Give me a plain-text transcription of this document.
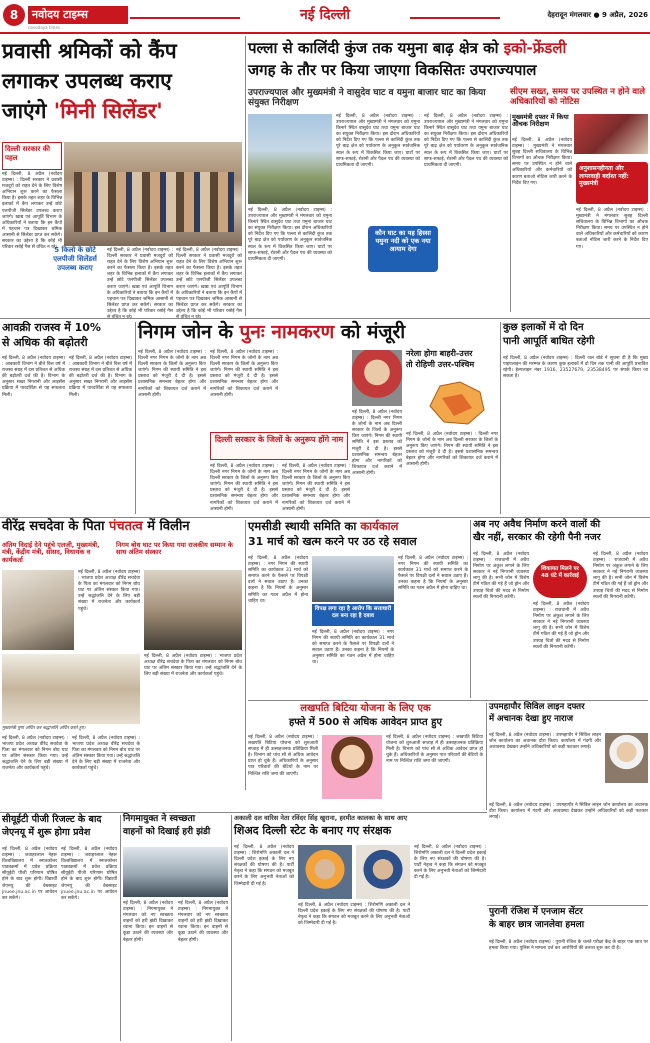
8	नवोदय टाइम्स
navodaya times
नई दिल्ली	देहरादून मंगलवार ● 9 अप्रैल, 2026
प्रवासी श्रमिकों को कैंप
लगाकर उपलब्ध कराए
जाएंगे 'मिनी सिलेंडर'
दिल्ली सरकार की पहल
5 किलो के छोटे एलपीजी सिलेंडर्स उपलब्ध कराए
नई दिल्ली, 8 अप्रैल (नवोदय टाइम्स) : दिल्ली सरकार ने प्रवासी मजदूरों को राहत देने के लिए विशेष अभियान शुरू करने का फैसला किया है। इसके तहत शहर के विभिन्न इलाकों में कैंप लगाकर उन्हें छोटे एलपीजी सिलेंडर उपलब्ध कराए जाएंगे। खाद्य एवं आपूर्ति विभाग के अधिकारियों ने बताया कि इन कैंपों में पहचान पत्र दिखाकर श्रमिक आसानी से सिलेंडर प्राप्त कर सकेंगे। सरकार का उद्देश्य है कि कोई भी परिवार रसोई गैस से वंचित न रहे।
नई दिल्ली, 8 अप्रैल (नवोदय टाइम्स) : दिल्ली सरकार ने प्रवासी मजदूरों को राहत देने के लिए विशेष अभियान शुरू करने का फैसला किया है। इसके तहत शहर के विभिन्न इलाकों में कैंप लगाकर उन्हें छोटे एलपीजी सिलेंडर उपलब्ध कराए जाएंगे। खाद्य एवं आपूर्ति विभाग के अधिकारियों ने बताया कि इन कैंपों में पहचान पत्र दिखाकर श्रमिक आसानी से सिलेंडर प्राप्त कर सकेंगे। सरकार का उद्देश्य है कि कोई भी परिवार रसोई गैस
नई दिल्ली, 8 अप्रैल (नवोदय टाइम्स) : दिल्ली सरकार ने प्रवासी मजदूरों को राहत देने के लिए विशेष अभियान शुरू करने का फैसला किया है। इसके तहत शहर के विभिन्न इलाकों में कैंप लगाकर उन्हें छोटे एलपीजी सिलेंडर उपलब्ध कराए जाएंगे। खाद्य एवं आपूर्ति विभाग के अधिकारियों ने बताया कि इन कैंपों में पहचान पत्र दिखाकर श्रमिक आसानी से सिलेंडर प्राप्त कर सकेंगे। सरकार का उद्देश्य है कि कोई भी परिवार रसोई गैस
पल्ला से कालिंदी कुंज तक यमुना बाढ़ क्षेत्र को इको-फ्रेंडली
जगह के तौर पर किया जाएगा विकसितः उपराज्यपाल
उपराज्यपाल और मुख्यमंत्री ने वासुदेव घाट व यमुना बाजार घाट का किया संयुक्त निरीक्षण
सीएम सख्त, समय पर उपस्थित न होने वाले अधिकारियों को नोटिस
नई दिल्ली, 8 अप्रैल (नवोदय टाइम्स) : उपराज्यपाल और मुख्यमंत्री ने मंगलवार को यमुना किनारे स्थित वासुदेव घाट तथा यमुना बाजार घाट का संयुक्त निरीक्षण किया। इस दौरान अधिकारियों को निर्देश दिए गए कि पल्ला से कालिंदी कुंज तक पूरे बाढ़ क्षेत्र को पर्यावरण के अनुकूल सार्वजनिक स्थल के रूप में विकसित किया जाए। घाटों पर साफ-सफाई, रोशनी और पैदल पथ की व्यवस्था को प्राथमिकता दी जाएगी।
नई दिल्ली, 8 अप्रैल (नवोदय टाइम्स) : उपराज्यपाल और मुख्यमंत्री ने मंगलवार को यमुना किनारे स्थित वासुदेव घाट तथा यमुना बाजार घाट का संयुक्त निरीक्षण किया। इस दौरान अधिकारियों को निर्देश दिए गए कि पल्ला से कालिंदी कुंज तक पूरे बाढ़ क्षेत्र को पर्यावरण के अनुकूल सार्वजनिक स्थल के रूप में विकसित किया जाए। घाटों पर साफ-सफाई, रोशनी और पैदल पथ की व्यवस्था को प्राथमिकता दी जाएगी।
कौन घाट का यह हिस्सा यमुना नदी को एक नया आयाम देगा
नई दिल्ली, 8 अप्रैल (नवोदय टाइम्स) : उपराज्यपाल और मुख्यमंत्री ने मंगलवार को यमुना किनारे स्थित वासुदेव घाट तथा यमुना बाजार घाट का संयुक्त निरीक्षण किया। इस दौरान अधिकारियों को निर्देश दिए गए कि पल्ला से कालिंदी कुंज तक पूरे बाढ़ क्षेत्र को पर्यावरण के अनुकूल सार्वजनिक स्थल के रूप में विकसित किया जाए। घाटों पर साफ-सफाई, रोशनी और पैदल पथ की व्यवस्था को प्राथमिकता दी जाएगी।
मुख्यमंत्री दफ्तर में किया औचक निरीक्षण
नई दिल्ली, 8 अप्रैल (नवोदय टाइम्स) : मुख्यमंत्री ने मंगलवार सुबह दिल्ली सचिवालय के विभिन्न विभागों का औचक निरीक्षण किया। समय पर उपस्थित न होने वाले अधिकारियों और कर्मचारियों को कारण बताओ नोटिस जारी करने के निर्देश दिए गए।
अनुशासनहीनता और लापरवाही बर्दाश्त नहीं: मुख्यमंत्री
नई दिल्ली, 8 अप्रैल (नवोदय टाइम्स) : मुख्यमंत्री ने मंगलवार सुबह दिल्ली सचिवालय के विभिन्न विभागों का औचक निरीक्षण किया। समय पर उपस्थित न होने वाले अधिकारियों और कर्मचारियों को कारण बताओ नोटिस जारी करने के निर्देश दिए गए।
आवक्री राजस्व में 10%
से अधिक की बढ़ोतरी
नई दिल्ली, 8 अप्रैल (नवोदय टाइम्स) : आबकारी विभाग ने बीते वित्त वर्ष में राजस्व संग्रह में दस प्रतिशत से अधिक की बढ़ोतरी दर्ज की है। विभाग के अनुसार सख्त निगरानी और लाइसेंस प्रक्रिया में पारदर्शिता से यह सफलता मिली।
नई दिल्ली, 8 अप्रैल (नवोदय टाइम्स) : आबकारी विभाग ने बीते वित्त वर्ष में राजस्व संग्रह में दस प्रतिशत से अधिक की बढ़ोतरी दर्ज की है। विभाग के अनुसार सख्त निगरानी और लाइसेंस प्रक्रिया में पारदर्शिता से यह सफलता मिली।
निगम जोन के पुनः नामकरण को मंजूरी
नई दिल्ली, 8 अप्रैल (नवोदय टाइम्स) : दिल्ली नगर निगम के जोनों के नाम अब दिल्ली सरकार के जिलों के अनुरूप किए जाएंगे। निगम की स्थायी समिति ने इस प्रस्ताव को मंजूरी दे दी है। इससे प्रशासनिक समन्वय बेहतर होगा और नागरिकों को शिकायत दर्ज कराने में आसानी होगी।
नई दिल्ली, 8 अप्रैल (नवोदय टाइम्स) : दिल्ली नगर निगम के जोनों के नाम अब दिल्ली सरकार के जिलों के अनुरूप किए जाएंगे। निगम की स्थायी समिति ने इस प्रस्ताव को मंजूरी दे दी है। इससे प्रशासनिक समन्वय बेहतर होगा और नागरिकों को शिकायत दर्ज कराने में आसानी होगी।
दिल्ली सरकार के जिलों के अनुरूप होंगे नाम
नई दिल्ली, 8 अप्रैल (नवोदय टाइम्स) : दिल्ली नगर निगम के जोनों के नाम अब दिल्ली सरकार के जिलों के अनुरूप किए जाएंगे। निगम की स्थायी समिति ने इस प्रस्ताव को मंजूरी दे दी है। इससे प्रशासनिक समन्वय बेहतर होगा और नागरिकों को शिकायत दर्ज कराने में आसानी होगी।
नई दिल्ली, 8 अप्रैल (नवोदय टाइम्स) : दिल्ली नगर निगम के जोनों के नाम अब दिल्ली सरकार के जिलों के अनुरूप किए जाएंगे। निगम की स्थायी समिति ने इस प्रस्ताव को मंजूरी दे दी है। इससे प्रशासनिक समन्वय बेहतर होगा और नागरिकों को शिकायत दर्ज कराने में आसानी होगी।
नई दिल्ली, 8 अप्रैल (नवोदय टाइम्स) : दिल्ली नगर निगम के जोनों के नाम अब दिल्ली सरकार के जिलों के अनुरूप किए जाएंगे। निगम की स्थायी समिति ने इस प्रस्ताव को मंजूरी दे दी है। इससे प्रशासनिक समन्वय बेहतर होगा और नागरिकों को शिकायत दर्ज कराने में आसानी होगी।
नरेला होगा बाहरी-उत्तर
तो रोहिणी उत्तर-पश्चिम
नई दिल्ली, 8 अप्रैल (नवोदय टाइम्स) : दिल्ली नगर निगम के जोनों के नाम अब दिल्ली सरकार के जिलों के अनुरूप किए जाएंगे। निगम की स्थायी समिति ने इस प्रस्ताव को मंजूरी दे दी है। इससे प्रशासनिक समन्वय बेहतर होगा और नागरिकों को शिकायत दर्ज कराने में आसानी होगी।
कुछ इलाकों में दो दिन
पानी आपूर्ति बाधित रहेगी
नई दिल्ली, 8 अप्रैल (नवोदय टाइम्स) : दिल्ली जल बोर्ड ने सूचना दी है कि मुख्य पाइपलाइन की मरम्मत के कारण कुछ इलाकों में दो दिन तक पानी की आपूर्ति प्रभावित रहेगी। हेल्पलाइन नंबर 1916, 23527679, 23538495 पर संपर्क किया जा सकता है।
वीरेंद्र सचदेवा के पिता पंचतत्व में विलीन
अंतिम विदाई देने पहुंचे एलजी, मुख्यमंत्री, मंत्री, केंद्रीय मंत्री, सांसद, विधायक व कार्यकर्ता
निगम बोध घाट पर किया गया राजकीय सम्मान के साथ अंतिम संस्कार
नई दिल्ली, 8 अप्रैल (नवोदय टाइम्स) : भाजपा प्रदेश अध्यक्ष वीरेंद्र सचदेवा के पिता का मंगलवार को निगम बोध घाट पर अंतिम संस्कार किया गया। उन्हें श्रद्धांजलि देने के लिए बड़ी संख्या में राजनेता और कार्यकर्ता पहुंचे।
मुख्यमंत्री पुष्प अर्पित कर श्रद्धांजलि अर्पित करते हुए।
नई दिल्ली, 8 अप्रैल (नवोदय टाइम्स) : भाजपा प्रदेश अध्यक्ष वीरेंद्र सचदेवा के पिता का मंगलवार को निगम बोध घाट पर अंतिम संस्कार किया गया। उन्हें श्रद्धांजलि देने के लिए बड़ी संख्या में राजनेता और कार्यकर्ता पहुंचे।
नई दिल्ली, 8 अप्रैल (नवोदय टाइम्स) : भाजपा प्रदेश अध्यक्ष वीरेंद्र सचदेवा के पिता का मंगलवार को निगम बोध घाट पर अंतिम संस्कार किया गया। उन्हें श्रद्धांजलि देने के लिए बड़ी संख्या में राजनेता और कार्यकर्ता पहुंचे।
नई दिल्ली, 8 अप्रैल (नवोदय टाइम्स) : भाजपा प्रदेश अध्यक्ष वीरेंद्र सचदेवा के पिता का मंगलवार को निगम बोध घाट पर अंतिम संस्कार किया गया। उन्हें श्रद्धांजलि देने के लिए बड़ी संख्या में राजनेता और कार्यकर्ता पहुंचे।
एमसीडी स्थायी समिति का कार्यकाल
31 मार्च को खत्म करने पर उठ रहे सवाल
नई दिल्ली, 8 अप्रैल (नवोदय टाइम्स) : नगर निगम की स्थायी समिति का कार्यकाल 31 मार्च को समाप्त करने के फैसले पर विपक्षी दलों ने सवाल उठाए हैं। उनका कहना है कि नियमों के अनुसार समिति का गठन अप्रैल में होना चाहिए था।
विपक्ष लगा रहा है आरोप कि सत्ताधारी दल बना रहा है दबाव
नई दिल्ली, 8 अप्रैल (नवोदय टाइम्स) : नगर निगम की स्थायी समिति का कार्यकाल 31 मार्च को समाप्त करने के फैसले पर विपक्षी दलों ने सवाल उठाए हैं। उनका कहना है कि नियमों के अनुसार समिति का गठन अप्रैल में होना चाहिए था।
नई दिल्ली, 8 अप्रैल (नवोदय टाइम्स) : नगर निगम की स्थायी समिति का कार्यकाल 31 मार्च को समाप्त करने के फैसले पर विपक्षी दलों ने सवाल उठाए हैं। उनका कहना है कि नियमों के अनुसार समिति का गठन अप्रैल में होना चाहिए था।
अब नए अवैध निर्माण करने वालों की
खैर नहीं, सरकार की रहेगी पैनी नजर
नई दिल्ली, 8 अप्रैल (नवोदय टाइम्स) : राजधानी में अवैध निर्माण पर अंकुश लगाने के लिए सरकार ने नई निगरानी व्यवस्था लागू की है। सभी जोन में विशेष टीमें गठित की गई हैं जो ड्रोन और उपग्रह चित्रों की मदद से निर्माण स्थलों की निगरानी करेंगी।
शिकायत मिलने पर 48 घंटे में कार्रवाई
नई दिल्ली, 8 अप्रैल (नवोदय टाइम्स) : राजधानी में अवैध निर्माण पर अंकुश लगाने के लिए सरकार ने नई निगरानी व्यवस्था लागू की है। सभी जोन में विशेष टीमें गठित की गई हैं जो ड्रोन और उपग्रह चित्रों की मदद से निर्माण स्थलों की निगरानी करेंगी।
नई दिल्ली, 8 अप्रैल (नवोदय टाइम्स) : राजधानी में अवैध निर्माण पर अंकुश लगाने के लिए सरकार ने नई निगरानी व्यवस्था लागू की है। सभी जोन में विशेष टीमें गठित की गई हैं जो ड्रोन और उपग्रह चित्रों की मदद से निर्माण स्थलों की निगरानी करेंगी।
लखपति बिटिया योजना के लिए एक
हफ्ते में 500 से अधिक आवेदन प्राप्त हुए
नई दिल्ली, 8 अप्रैल (नवोदय टाइम्स) : लखपति बिटिया योजना को शुरुआती सप्ताह में ही उत्साहजनक प्रतिक्रिया मिली है। विभाग को पांच सौ से अधिक आवेदन प्राप्त हो चुके हैं। अधिकारियों के अनुसार पात्र परिवारों की बेटियों के नाम पर निश्चित राशि जमा की जाएगी।
नई दिल्ली, 8 अप्रैल (नवोदय टाइम्स) : लखपति बिटिया योजना को शुरुआती सप्ताह में ही उत्साहजनक प्रतिक्रिया मिली है। विभाग को पांच सौ से अधिक आवेदन प्राप्त हो चुके हैं। अधिकारियों के अनुसार पात्र परिवारों की बेटियों के नाम पर निश्चित राशि जमा की जाएगी।
उपमहापौर सिविल लाइन दफ्तर
में अचानक देखा हुए नाराज
नई दिल्ली, 8 अप्रैल (नवोदय टाइम्स) : उपमहापौर ने सिविल लाइन जोन कार्यालय का अचानक दौरा किया। कार्यालय में गंदगी और अव्यवस्था देखकर उन्होंने अधिकारियों को कड़ी फटकार लगाई।
नई दिल्ली, 8 अप्रैल (नवोदय टाइम्स) : उपमहापौर ने सिविल लाइन जोन कार्यालय का अचानक दौरा किया। कार्यालय में गंदगी और अव्यवस्था देखकर उन्होंने अधिकारियों को कड़ी फटकार लगाई।
सीयूईटी पीजी रिजल्ट के बाद
जेएनयू में शुरू होगा प्रवेश
नई दिल्ली, 8 अप्रैल (नवोदय टाइम्स) : जवाहरलाल नेहरू विश्वविद्यालय में स्नातकोत्तर पाठ्यक्रमों में प्रवेश प्रक्रिया सीयूईटी पीजी परिणाम घोषित होने के बाद शुरू होगी। विद्यार्थी जेएनयू की वेबसाइट jnuee.jnu.ac.in पर आवेदन कर सकेंगे।
नई दिल्ली, 8 अप्रैल (नवोदय टाइम्स) : जवाहरलाल नेहरू विश्वविद्यालय में स्नातकोत्तर पाठ्यक्रमों में प्रवेश प्रक्रिया सीयूईटी पीजी परिणाम घोषित होने के बाद शुरू होगी। विद्यार्थी जेएनयू की वेबसाइट jnuee.jnu.ac.in पर आवेदन कर सकेंगे।
निगमायुक्त ने स्वच्छता
वाहनों को दिखाई हरी झंडी
नई दिल्ली, 8 अप्रैल (नवोदय टाइम्स) : निगमायुक्त ने मंगलवार को नए स्वच्छता वाहनों को हरी झंडी दिखाकर रवाना किया। इन वाहनों से कूड़ा उठाने की व्यवस्था और बेहतर होगी।
नई दिल्ली, 8 अप्रैल (नवोदय टाइम्स) : निगमायुक्त ने मंगलवार को नए स्वच्छता वाहनों को हरी झंडी दिखाकर रवाना किया। इन वाहनों से कूड़ा उठाने की व्यवस्था और बेहतर होगी।
अकाली दल वारिस नेता रविंदर सिंह खुराना, हरमीत कालका के साथ आए
शिअद दिल्ली स्टेट के बनाए गए संरक्षक
नई दिल्ली, 8 अप्रैल (नवोदय टाइम्स) : शिरोमणि अकाली दल ने दिल्ली प्रदेश इकाई के लिए नए संरक्षकों की घोषणा की है। पार्टी नेतृत्व ने कहा कि संगठन को मजबूत करने के लिए अनुभवी नेताओं को जिम्मेदारी दी गई है।
नई दिल्ली, 8 अप्रैल (नवोदय टाइम्स) : शिरोमणि अकाली दल ने दिल्ली प्रदेश इकाई के लिए नए संरक्षकों की घोषणा की है। पार्टी नेतृत्व ने कहा कि संगठन को मजबूत करने के लिए अनुभवी नेताओं को जिम्मेदारी दी गई है।
नई दिल्ली, 8 अप्रैल (नवोदय टाइम्स) : शिरोमणि अकाली दल ने दिल्ली प्रदेश इकाई के लिए नए संरक्षकों की घोषणा की है। पार्टी नेतृत्व ने कहा कि संगठन को मजबूत करने के लिए अनुभवी नेताओं को जिम्मेदारी दी गई है।
पुरानी रंजिश में एनजाम सेंटर
के बाहर छात्र जानलेवा हमला
नई दिल्ली, 8 अप्रैल (नवोदय टाइम्स) : पुरानी रंजिश के चलते परीक्षा केंद्र के बाहर एक छात्र पर हमला किया गया। पुलिस ने मामला दर्ज कर आरोपियों की तलाश शुरू कर दी है।
